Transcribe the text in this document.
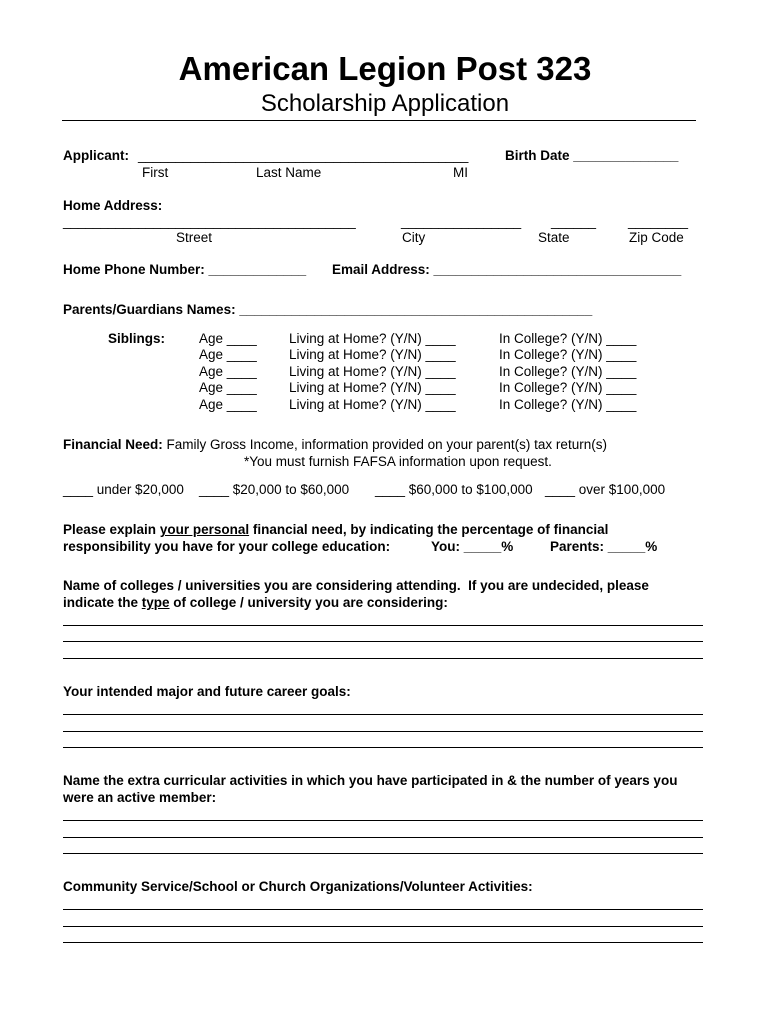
American Legion Post 323
Scholarship Application
Applicant: ____________________________________________	Birth Date ______________
First	Last Name	MI
Home Address:
_______________________________________	________________ ______ ________
Street	City	State	Zip Code
Home Phone Number: _____________ Email Address: _________________________________
Parents/Guardians Names: _______________________________________________
Siblings:	Age ____ Living at Home? (Y/N) ____	In College? (Y/N) ____
Age ____ Living at Home? (Y/N) ____	In College? (Y/N) ____
Age ____ Living at Home? (Y/N) ____	In College? (Y/N) ____
Age ____ Living at Home? (Y/N) ____	In College? (Y/N) ____
Age ____ Living at Home? (Y/N) ____	In College? (Y/N) ____
Financial Need: Family Gross Income, information provided on your parent(s) tax return(s)
*You must furnish FAFSA information upon request.
____ under $20,000 ____ $20,000 to $60,000 ____ $60,000 to $100,000 ____ over $100,000
Please explain your personal financial need, by indicating the percentage of financial
responsibility you have for your college education:	You: _____%	Parents: _____%
Name of colleges / universities you are considering attending.  If you are undecided, please
indicate the type of college / university you are considering:
Your intended major and future career goals:
Name the extra curricular activities in which you have participated in & the number of years you
were an active member:
Community Service/School or Church Organizations/Volunteer Activities:
